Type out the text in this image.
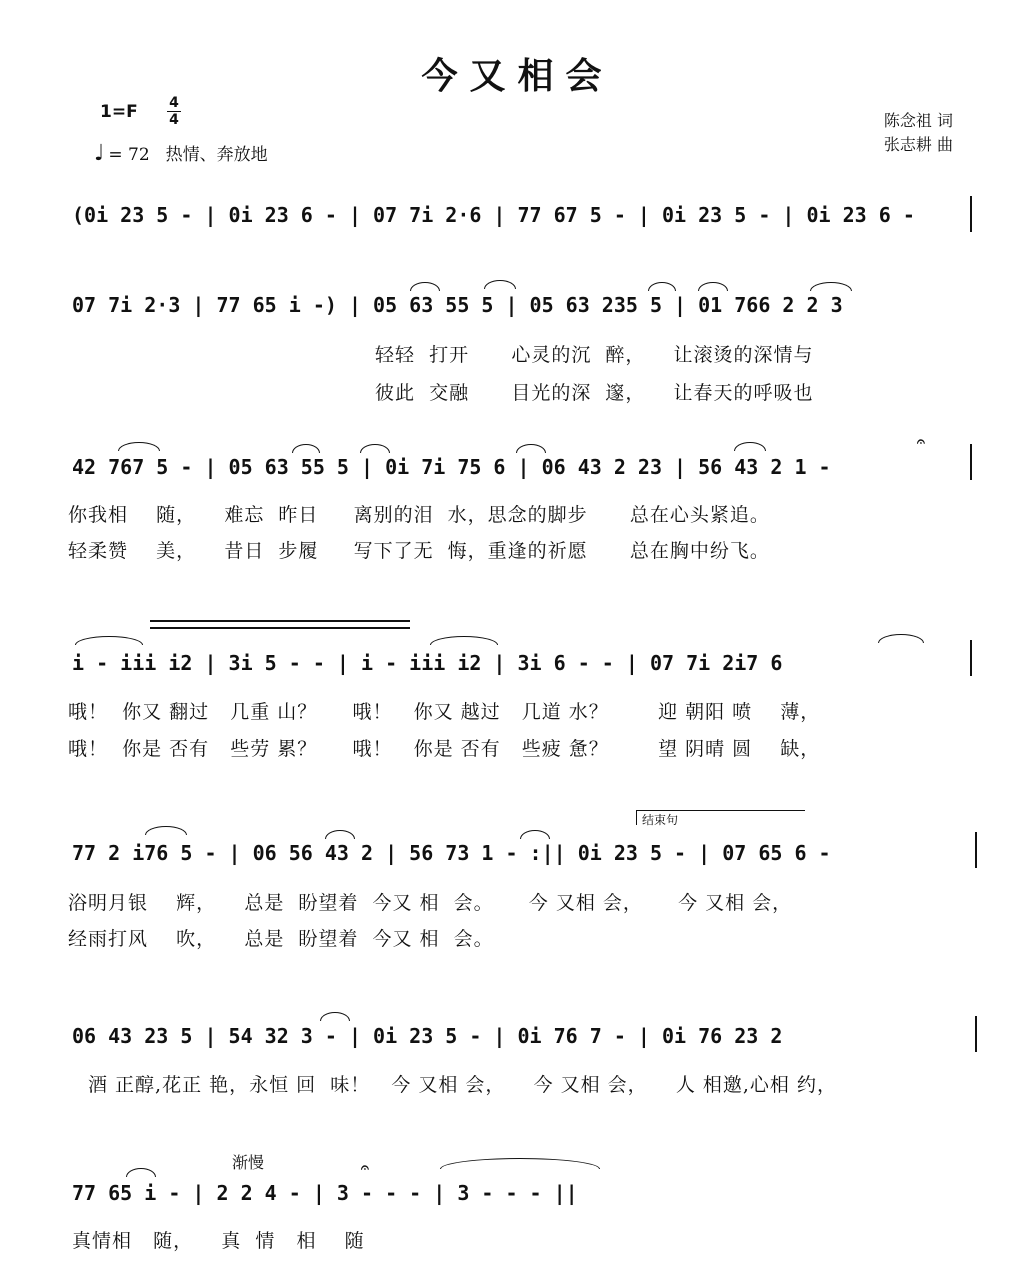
今又相会
1=F 4
4
♩ = 72 热情、奔放地
陈念祖 词
张志耕 曲
(0i 23 5 - | 0i 23 6 - | 07 7i 2·6 | 77 67 5 - | 0i 23 5 - | 0i 23 6 -
07 7i 2·3 | 77 65 i -) | 05 63 55 5 | 05 63 235 5 | 01 766 2 2 3
轻轻  打开      心灵的沉  醉，    让滚烫的深情与
彼此  交融      目光的深  邃，    让春天的呼吸也
42 767 5 - | 05 63 55 5 | 0i 7i 75 6 | 06 43 2 23 | 56 43 2 1 -
𝄐
你我相    随，    难忘  昨日     离别的泪  水，思念的脚步      总在心头紧追。
轻柔赞    美，    昔日  步履     写下了无  悔，重逢的祈愿      总在胸中纷飞。
i - iii i2 | 3i 5 - - | i - iii i2 | 3i 6 - - | 07 7i 2i7 6
哦！  你又 翻过   几重 山？     哦！   你又 越过   几道 水？       迎 朝阳 喷    薄，
哦！  你是 否有   些劳 累？     哦！   你是 否有   些疲 惫？       望 阴晴 圆    缺，
结束句
77 2 i76 5 - | 06 56 43 2 | 56 73 1 - :|| 0i 23 5 - | 07 65 6 -
浴明月银    辉，    总是  盼望着  今又 相  会。     今 又相 会，     今 又相 会，
经雨打风    吹，    总是  盼望着  今又 相  会。
06 43 23 5 | 54 32 3 - | 0i 23 5 - | 0i 76 7 - | 0i 76 23 2
酒 正醇,花正 艳，永恒 回  味！   今 又相 会，    今 又相 会，    人 相邀,心相 约，
渐慢
77 65 i - | 2 2 4 - | 3 - - - | 3 - - - ||
𝄐
真情相   随，    真  情   相    随
